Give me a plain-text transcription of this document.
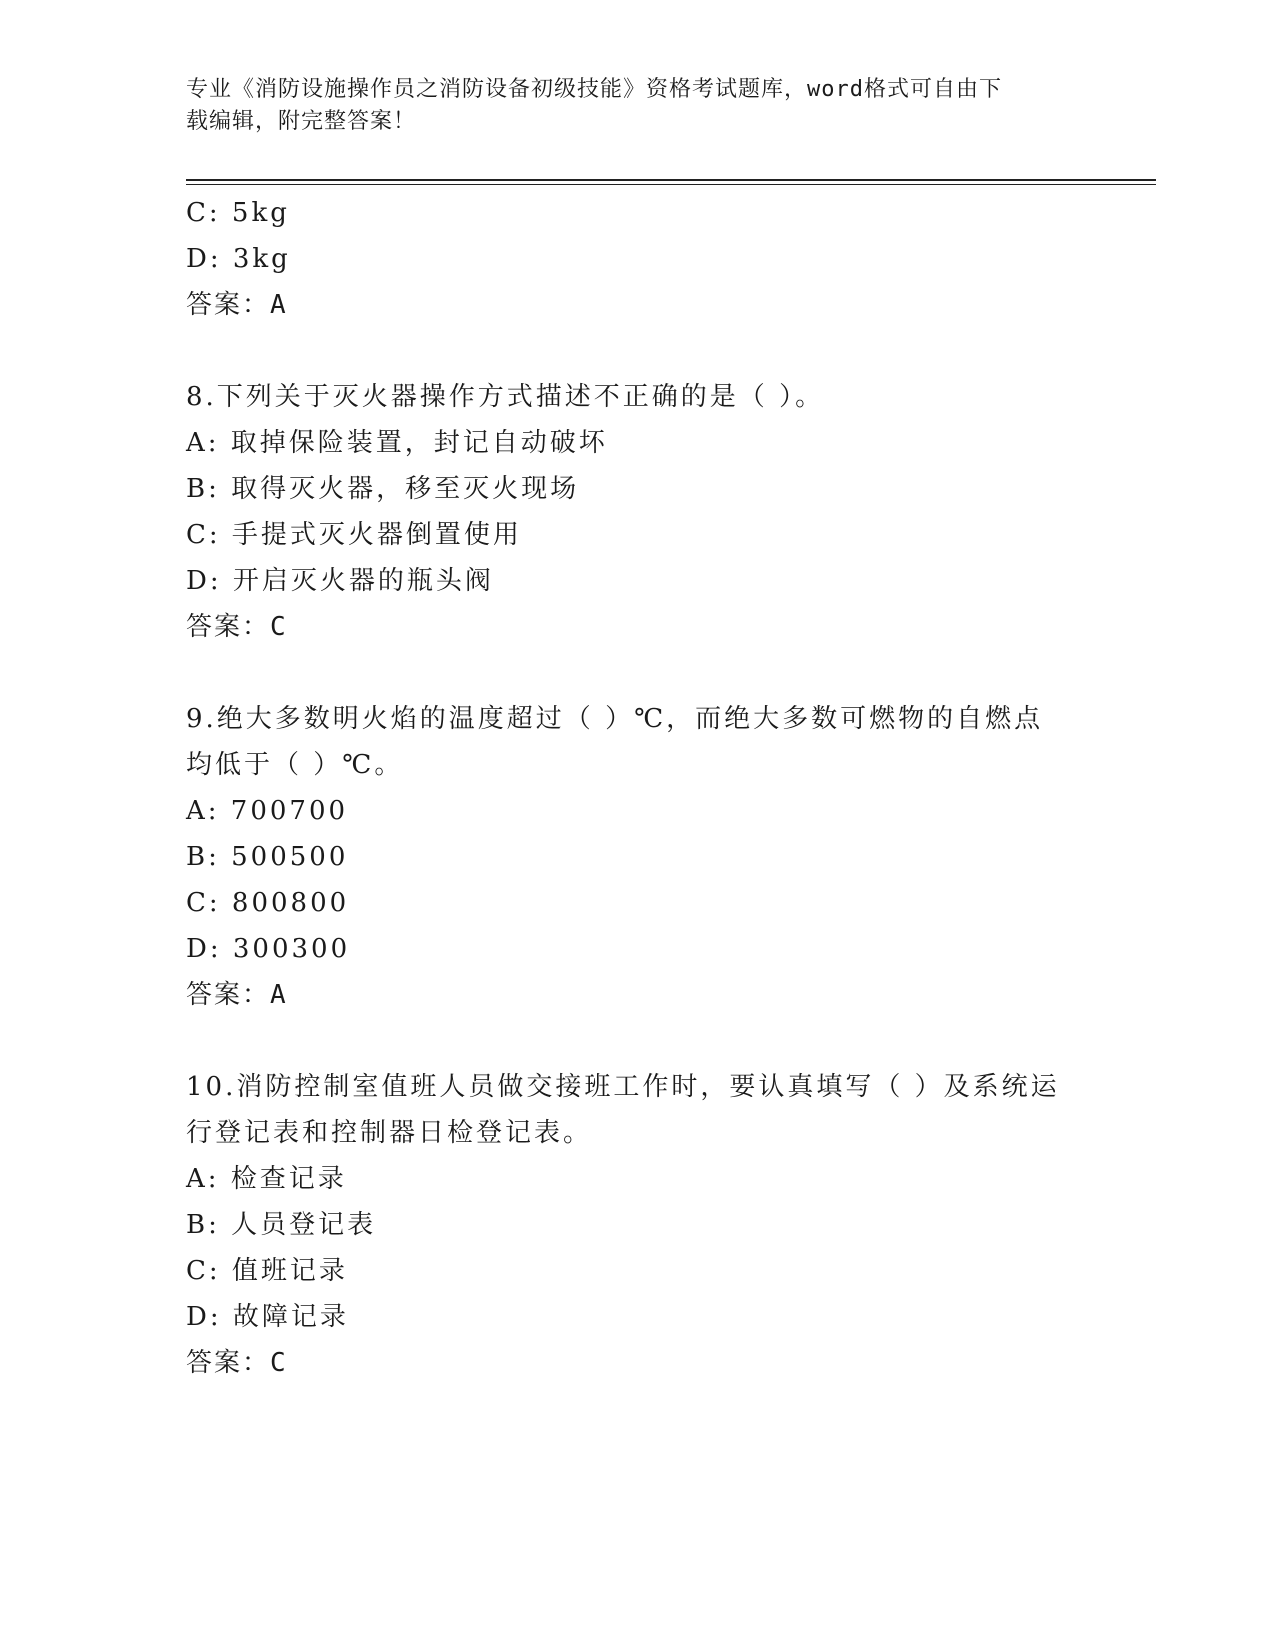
专业《消防设施操作员之消防设备初级技能》资格考试题库，word格式可自由下
载编辑，附完整答案！
C: 5kg
D: 3kg
答案：A
8.下列关于灭火器操作方式描述不正确的是（ ）。
A: 取掉保险装置，封记自动破坏
B: 取得灭火器，移至灭火现场
C: 手提式灭火器倒置使用
D: 开启灭火器的瓶头阀
答案：C
9.绝大多数明火焰的温度超过（ ）℃，而绝大多数可燃物的自燃点
均低于（ ）℃。
A: 700700
B: 500500
C: 800800
D: 300300
答案：A
10.消防控制室值班人员做交接班工作时，要认真填写（ ）及系统运
行登记表和控制器日检登记表。
A: 检查记录
B: 人员登记表
C: 值班记录
D: 故障记录
答案：C
